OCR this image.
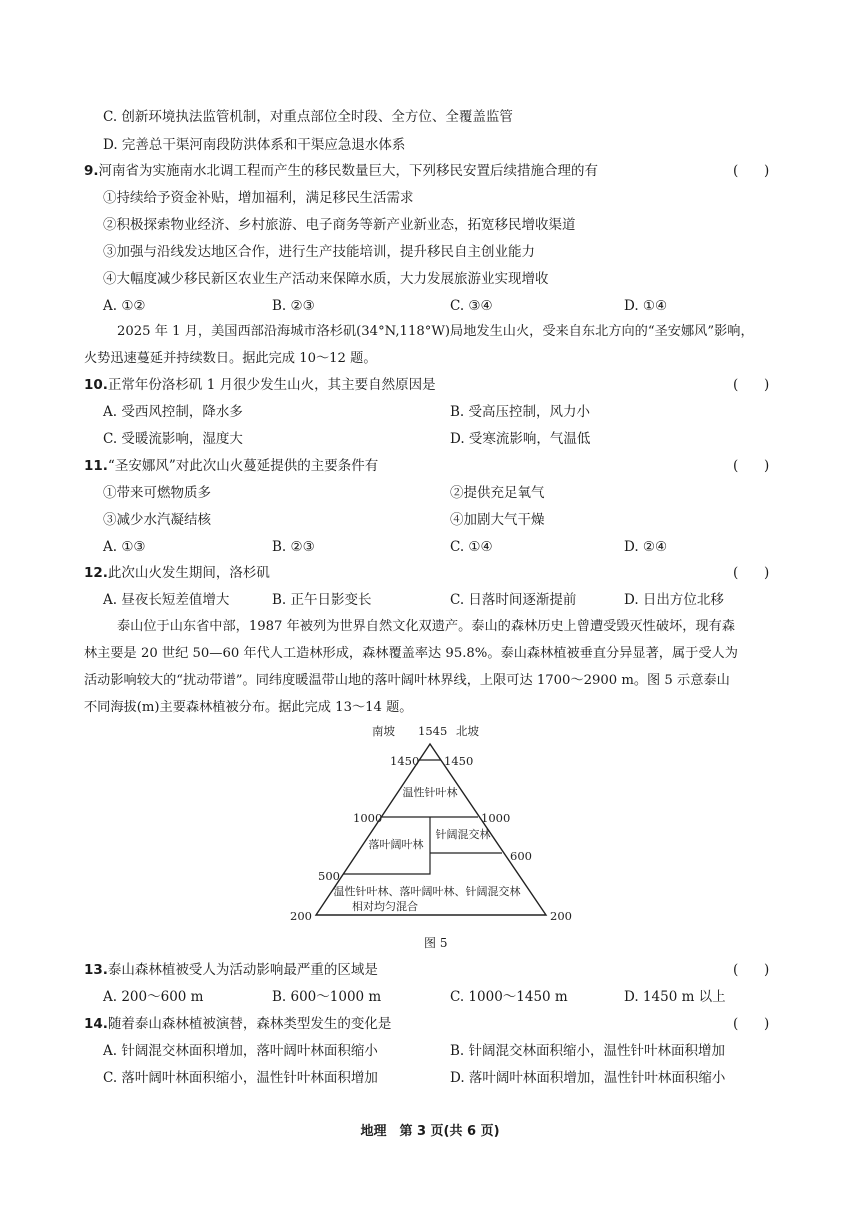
C. 创新环境执法监管机制，对重点部位全时段、全方位、全覆盖监管
D. 完善总干渠河南段防洪体系和干渠应急退水体系
9.河南省为实施南水北调工程而产生的移民数量巨大，下列移民安置后续措施合理的有	(      )
①持续给予资金补贴，增加福利，满足移民生活需求
②积极探索物业经济、乡村旅游、电子商务等新产业新业态，拓宽移民增收渠道
③加强与沿线发达地区合作，进行生产技能培训，提升移民自主创业能力
④大幅度减少移民新区农业生产活动来保障水质，大力发展旅游业实现增收
A. ①②	B. ②③	C. ③④	D. ①④
2025 年 1 月，美国西部沿海城市洛杉矶(34°N,118°W)局地发生山火，受来自东北方向的“圣安娜风”影响，
火势迅速蔓延并持续数日。据此完成 10～12 题。
10.正常年份洛杉矶 1 月很少发生山火，其主要自然原因是	(      )
A. 受西风控制，降水多	B. 受高压控制，风力小
C. 受暖流影响，湿度大	D. 受寒流影响，气温低
11.“圣安娜风”对此次山火蔓延提供的主要条件有	(      )
①带来可燃物质多	②提供充足氧气
③减少水汽凝结核	④加剧大气干燥
A. ①③	B. ②③	C. ①④	D. ②④
12.此次山火发生期间，洛杉矶	(      )
A. 昼夜长短差值增大	B. 正午日影变长	C. 日落时间逐渐提前	D. 日出方位北移
泰山位于山东省中部，1987 年被列为世界自然文化双遗产。泰山的森林历史上曾遭受毁灭性破坏，现有森
林主要是 20 世纪 50—60 年代人工造林形成，森林覆盖率达 95.8%。泰山森林植被垂直分异显著，属于受人为
活动影响较大的“扰动带谱”。同纬度暖温带山地的落叶阔叶林界线，上限可达 1700～2900 m。图 5 示意泰山
不同海拔(m)主要森林植被分布。据此完成 13～14 题。
南坡 1545 北坡
1450 1450
1000	1000
600
500
200	200
温性针叶林
落叶阔叶林
针阔混交林
温性针叶林、落叶阔叶林、针阔混交林
相对均匀混合
图 5
13.泰山森林植被受人为活动影响最严重的区域是	(      )
A. 200～600 m	B. 600～1000 m	C. 1000～1450 m	D. 1450 m 以上
14.随着泰山森林植被演替，森林类型发生的变化是	(      )
A. 针阔混交林面积增加，落叶阔叶林面积缩小	B. 针阔混交林面积缩小，温性针叶林面积增加
C. 落叶阔叶林面积缩小，温性针叶林面积增加	D. 落叶阔叶林面积增加，温性针叶林面积缩小
地理　第 3 页(共 6 页)
